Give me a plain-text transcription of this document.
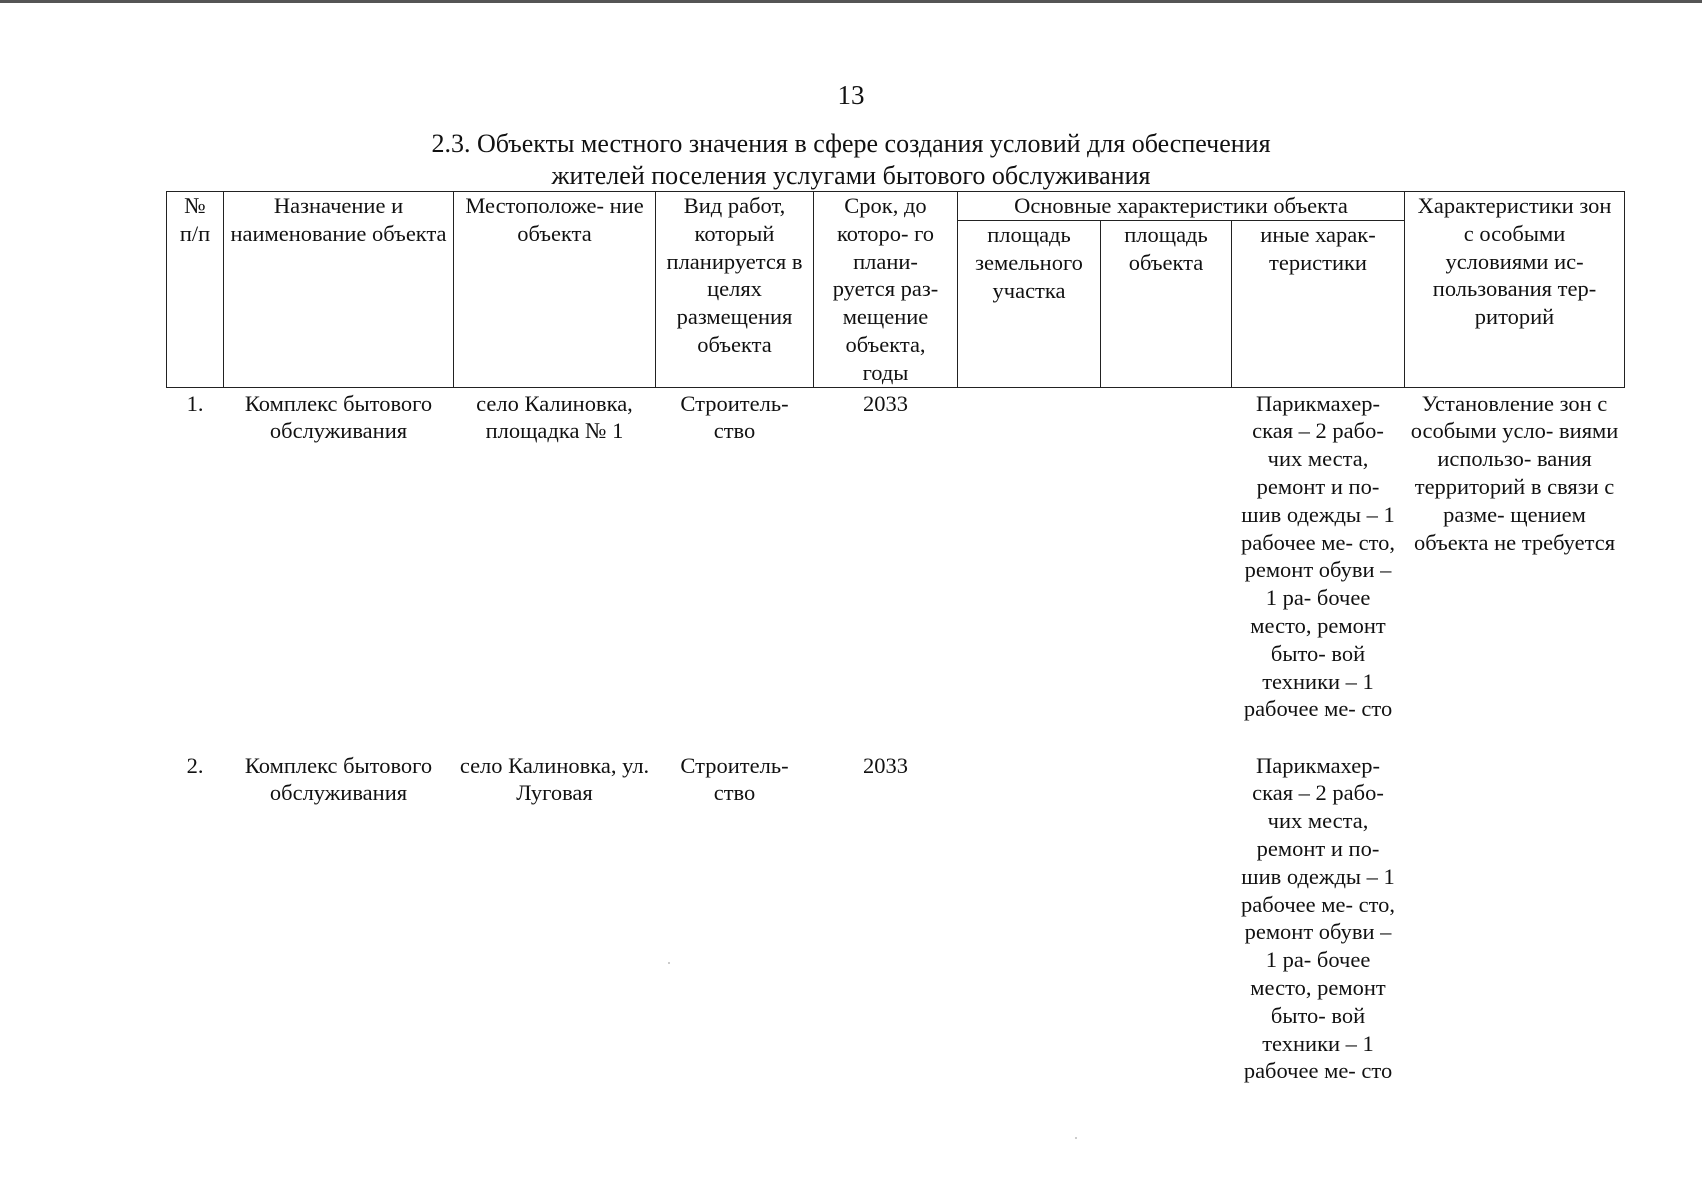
13
2.3. Объекты местного значения в сфере создания условий для обеспечения
жителей поселения услугами бытового обслуживания
№ п/п	Назначение и наименование объекта	Местоположе- ние объекта	Вид работ, который планируется в целях размещения объекта	Срок, до которо- го плани- руется раз- мещение объекта, годы	Основные характеристики объекта			Характеристики зон с особыми условиями ис- пользования тер- риторий
					площадь земельного участка	площадь объекта	иные харак- теристики	
1.	Комплекс бытового обслуживания	село Калиновка, площадка № 1	Строитель- ство	2033			Парикмахер- ская – 2 рабо- чих места, ремонт и по- шив одежды – 1 рабочее ме- сто, ремонт обуви – 1 ра- бочее место, ремонт быто- вой техники – 1 рабочее ме- сто	Установление зон с особыми усло- виями использо- вания территорий в связи с разме- щением объекта не требуется
2.	Комплекс бытового обслуживания	село Калиновка, ул. Луговая	Строитель- ство	2033			Парикмахер- ская – 2 рабо- чих места, ремонт и по- шив одежды – 1 рабочее ме- сто, ремонт обуви – 1 ра- бочее место, ремонт быто- вой техники – 1 рабочее ме- сто	
